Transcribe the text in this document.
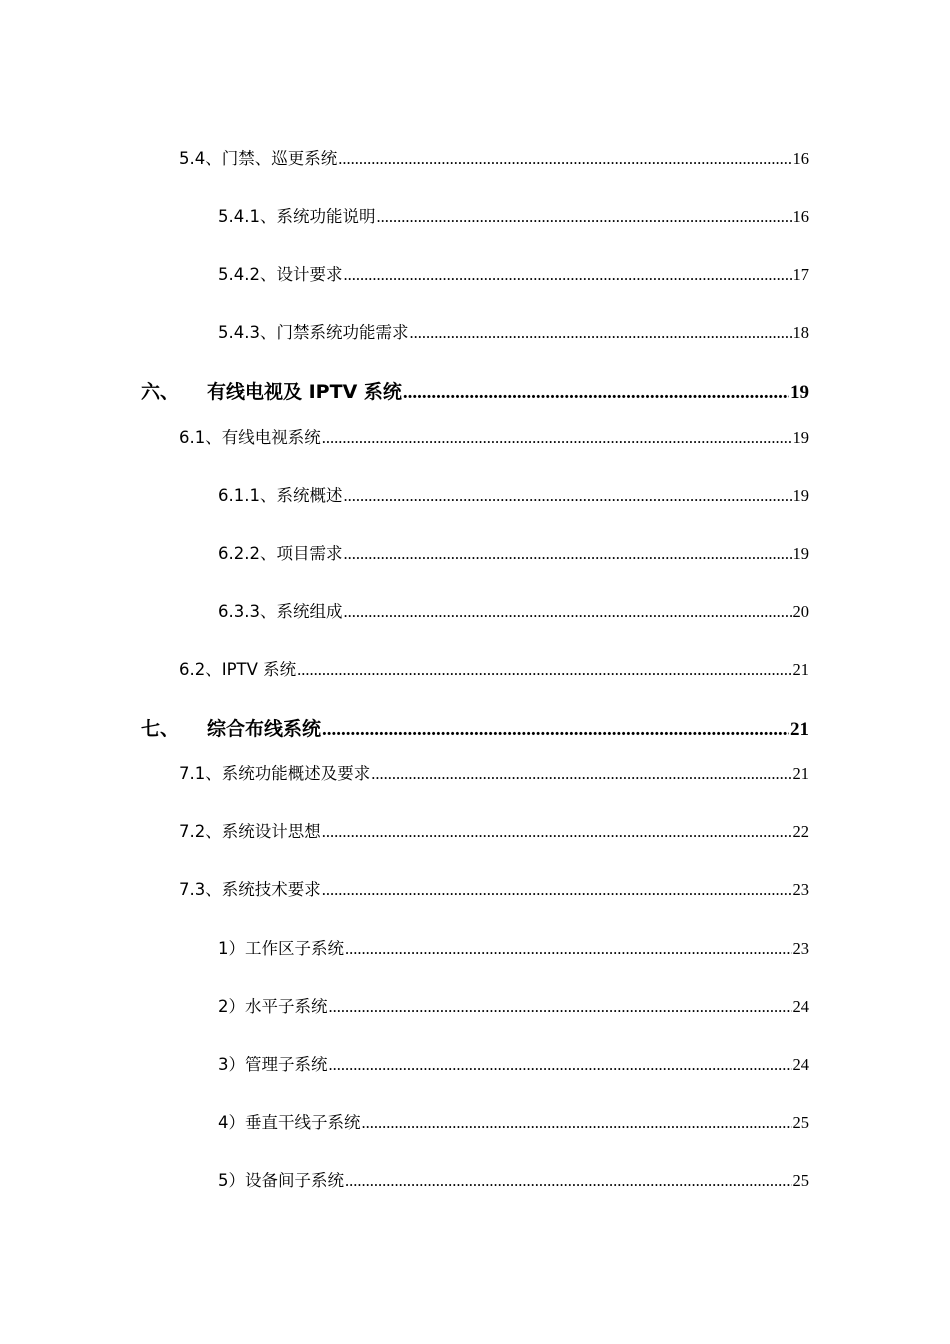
5.4、门禁、巡更系统 .....	16
5.4.1、系统功能说明 .....	16
5.4.2、设计要求 .....	17
5.4.3、门禁系统功能需求 .....	18
六、 有线电视及 IPTV 系统 .....	19
6.1、有线电视系统 .....	19
6.1.1、系统概述 .....	19
6.2.2、项目需求 .....	19
6.3.3、系统组成 .....	20
6.2、IPTV 系统 .....	21
七、 综合布线系统 .....	21
7.1、系统功能概述及要求 .....	21
7.2、系统设计思想 .....	22
7.3、系统技术要求 .....	23
1）工作区子系统 .....	23
2）水平子系统 .....	24
3）管理子系统 .....	24
4）垂直干线子系统 .....	25
5）设备间子系统 .....	25
